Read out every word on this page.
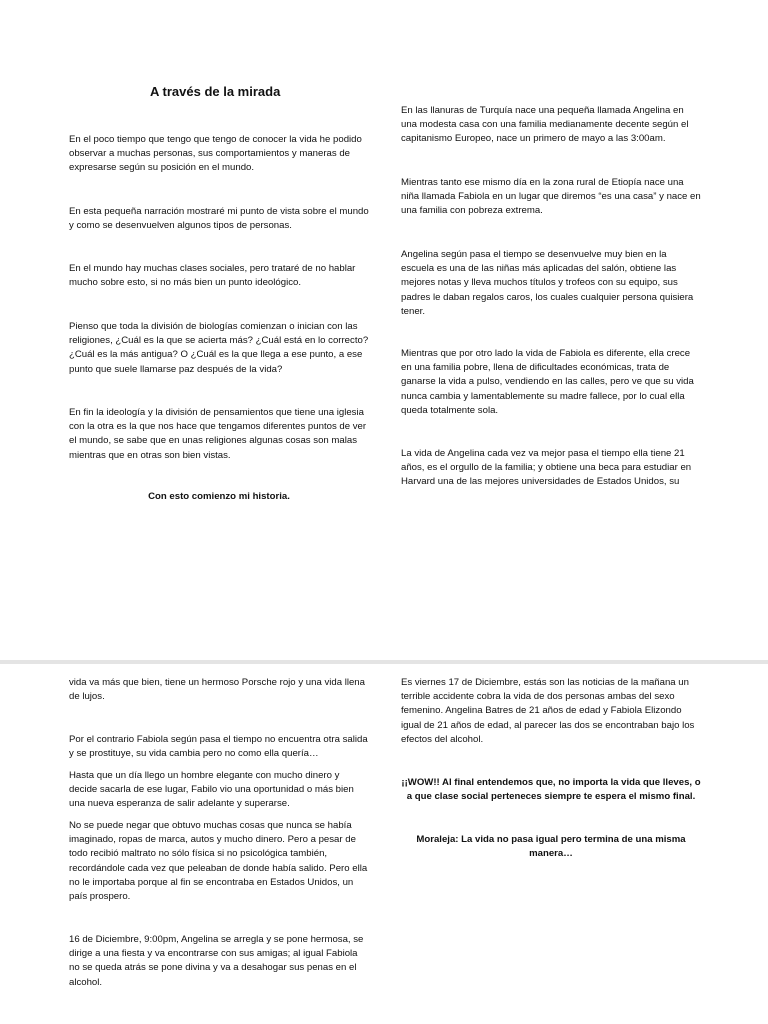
A través de la mirada

En el poco tiempo que tengo que tengo de conocer la vida he podido observar a muchas personas, sus comportamientos y maneras de expresarse según su posición en el mundo.

En esta pequeña narración mostraré mi punto de vista sobre el mundo y como se desenvuelven algunos tipos de personas.

En el mundo hay muchas clases sociales, pero trataré de no hablar mucho sobre esto, si no más bien un punto ideológico.

Pienso que toda la división de biologías comienzan o inician con las religiones, ¿Cuál es la que se acierta más? ¿Cuál está en lo correcto? ¿Cuál es la más antigua? O ¿Cuál es la que llega a ese punto, a ese punto que suele llamarse paz después de la vida?

En fin la ideología y la división de pensamientos que tiene una iglesia con la otra es la que nos hace que tengamos diferentes puntos de ver el mundo, se sabe que en unas religiones algunas cosas son malas mientras que en otras son bien vistas.

Con esto comienzo mi historia.

En las llanuras de Turquía nace una pequeña llamada Angelina en una modesta casa con una familia medianamente decente según el capitanismo Europeo, nace un primero de mayo a las 3:00am.

Mientras tanto ese mismo día en la zona rural de Etiopía nace una niña llamada Fabiola en un lugar que diremos “es una casa” y nace en una familia con pobreza extrema.

Angelina según pasa el tiempo se desenvuelve muy bien en la escuela es una de las niñas más aplicadas del salón, obtiene las mejores notas y lleva muchos títulos y trofeos con su equipo, sus padres le daban regalos caros, los cuales cualquier persona quisiera tener.

Mientras que por otro lado la vida de Fabiola es diferente, ella crece en una familia pobre, llena de dificultades económicas, trata de ganarse la vida a pulso, vendiendo en las calles, pero ve que su vida nunca cambia y lamentablemente su madre fallece, por lo cual ella queda totalmente sola.

La vida de Angelina cada vez va mejor pasa el tiempo ella tiene 21 años, es el orgullo de la familia; y obtiene una beca para estudiar en Harvard una de las mejores universidades de Estados Unidos, su

vida va más que bien, tiene un hermoso Porsche rojo y una vida llena de lujos.

Por el contrario Fabiola según pasa el tiempo no encuentra otra salida y se prostituye, su vida cambia pero no como ella quería…

Hasta que un día llego un hombre elegante con mucho dinero y decide sacarla de ese lugar, Fabilo vio una oportunidad o más bien una nueva esperanza de salir adelante y superarse.

No se puede negar que obtuvo muchas cosas que nunca se había imaginado, ropas de marca, autos y mucho dinero. Pero a pesar de todo recibió maltrato no sólo física si no psicológica también, recordándole cada vez que peleaban de donde había salido. Pero ella no le importaba porque al fin se encontraba en Estados Unidos, un país prospero.

16 de Diciembre, 9:00pm, Angelina se arregla y se pone hermosa, se dirige a una fiesta y va encontrarse con sus amigas; al igual Fabiola no se queda atrás se pone divina y va a desahogar sus penas en el alcohol.

Es viernes 17 de Diciembre, estás son las noticias de la mañana un terrible accidente cobra la vida de dos personas ambas del sexo femenino. Angelina Batres de 21 años de edad y Fabiola Elizondo igual de 21 años de edad, al parecer las dos se encontraban bajo los efectos del alcohol.

¡¡WOW!! Al final entendemos que, no importa la vida que lleves, o a que clase social perteneces siempre te espera el mismo final.

Moraleja: La vida no pasa igual pero termina de una misma manera…
